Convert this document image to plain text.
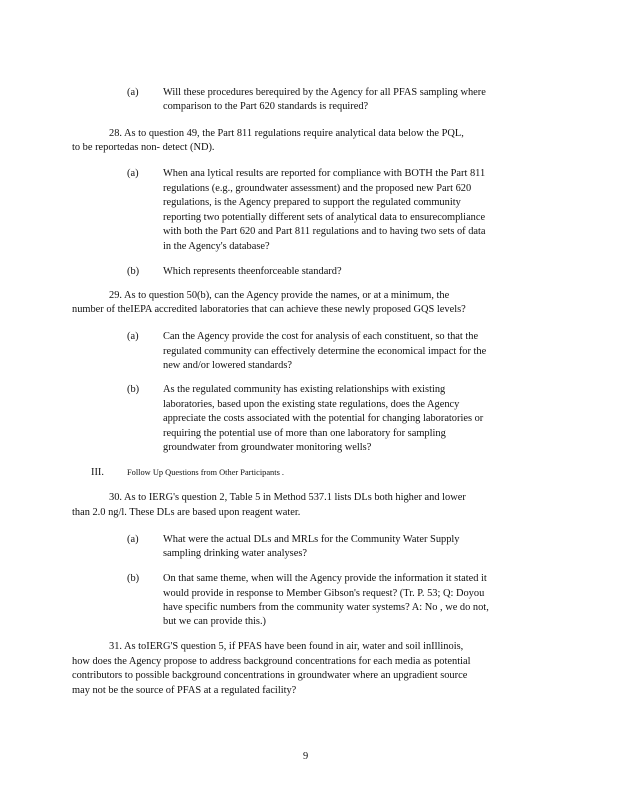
(a) Will these procedures berequired by the Agency for all PFAS sampling where
comparison to the Part 620 standards is required?
28. As to question 49, the Part 811 regulations require analytical data below the PQL,
to be reportedas non- detect (ND).
(a) When ana lytical results are reported for compliance with BOTH the Part 811
regulations (e.g., groundwater assessment) and the proposed new Part 620
regulations, is the Agency prepared to support the regulated community
reporting two potentially different sets of analytical data to ensurecompliance
with both the Part 620 and Part 811 regulations and to having two sets of data
in the Agency's database?
(b) Which represents theenforceable standard?
29. As to question 50(b), can the Agency provide the names, or at a minimum, the
number of theIEPA accredited laboratories that can achieve these newly proposed GQS levels?
(a) Can the Agency provide the cost for analysis of each constituent, so that the
regulated community can effectively determine the economical impact for the
new and/or lowered standards?
(b) As the regulated community has existing relationships with existing
laboratories, based upon the existing state regulations, does the Agency
appreciate the costs associated with the potential for changing laboratories or
requiring the potential use of more than one laboratory for sampling
groundwater from groundwater monitoring wells?
III.	Follow Up Questions from Other Participants .
30. As to IERG's question 2, Table 5 in Method 537.1 lists DLs both higher and lower
than 2.0 ng/l. These DLs are based upon reagent water.
(a) What were the actual DLs and MRLs for the Community Water Supply
sampling drinking water analyses?
(b) On that same theme, when will the Agency provide the information it stated it
would provide in response to Member Gibson's request? (Tr. P. 53; Q: Doyou
have specific numbers from the community water systems? A: No , we do not,
but we can provide this.)
31. As toIERG'S question 5, if PFAS have been found in air, water and soil inIllinois,
how does the Agency propose to address background concentrations for each media as potential
contributors to possible background concentrations in groundwater where an upgradient source
may not be the source of PFAS at a regulated facility?
9
